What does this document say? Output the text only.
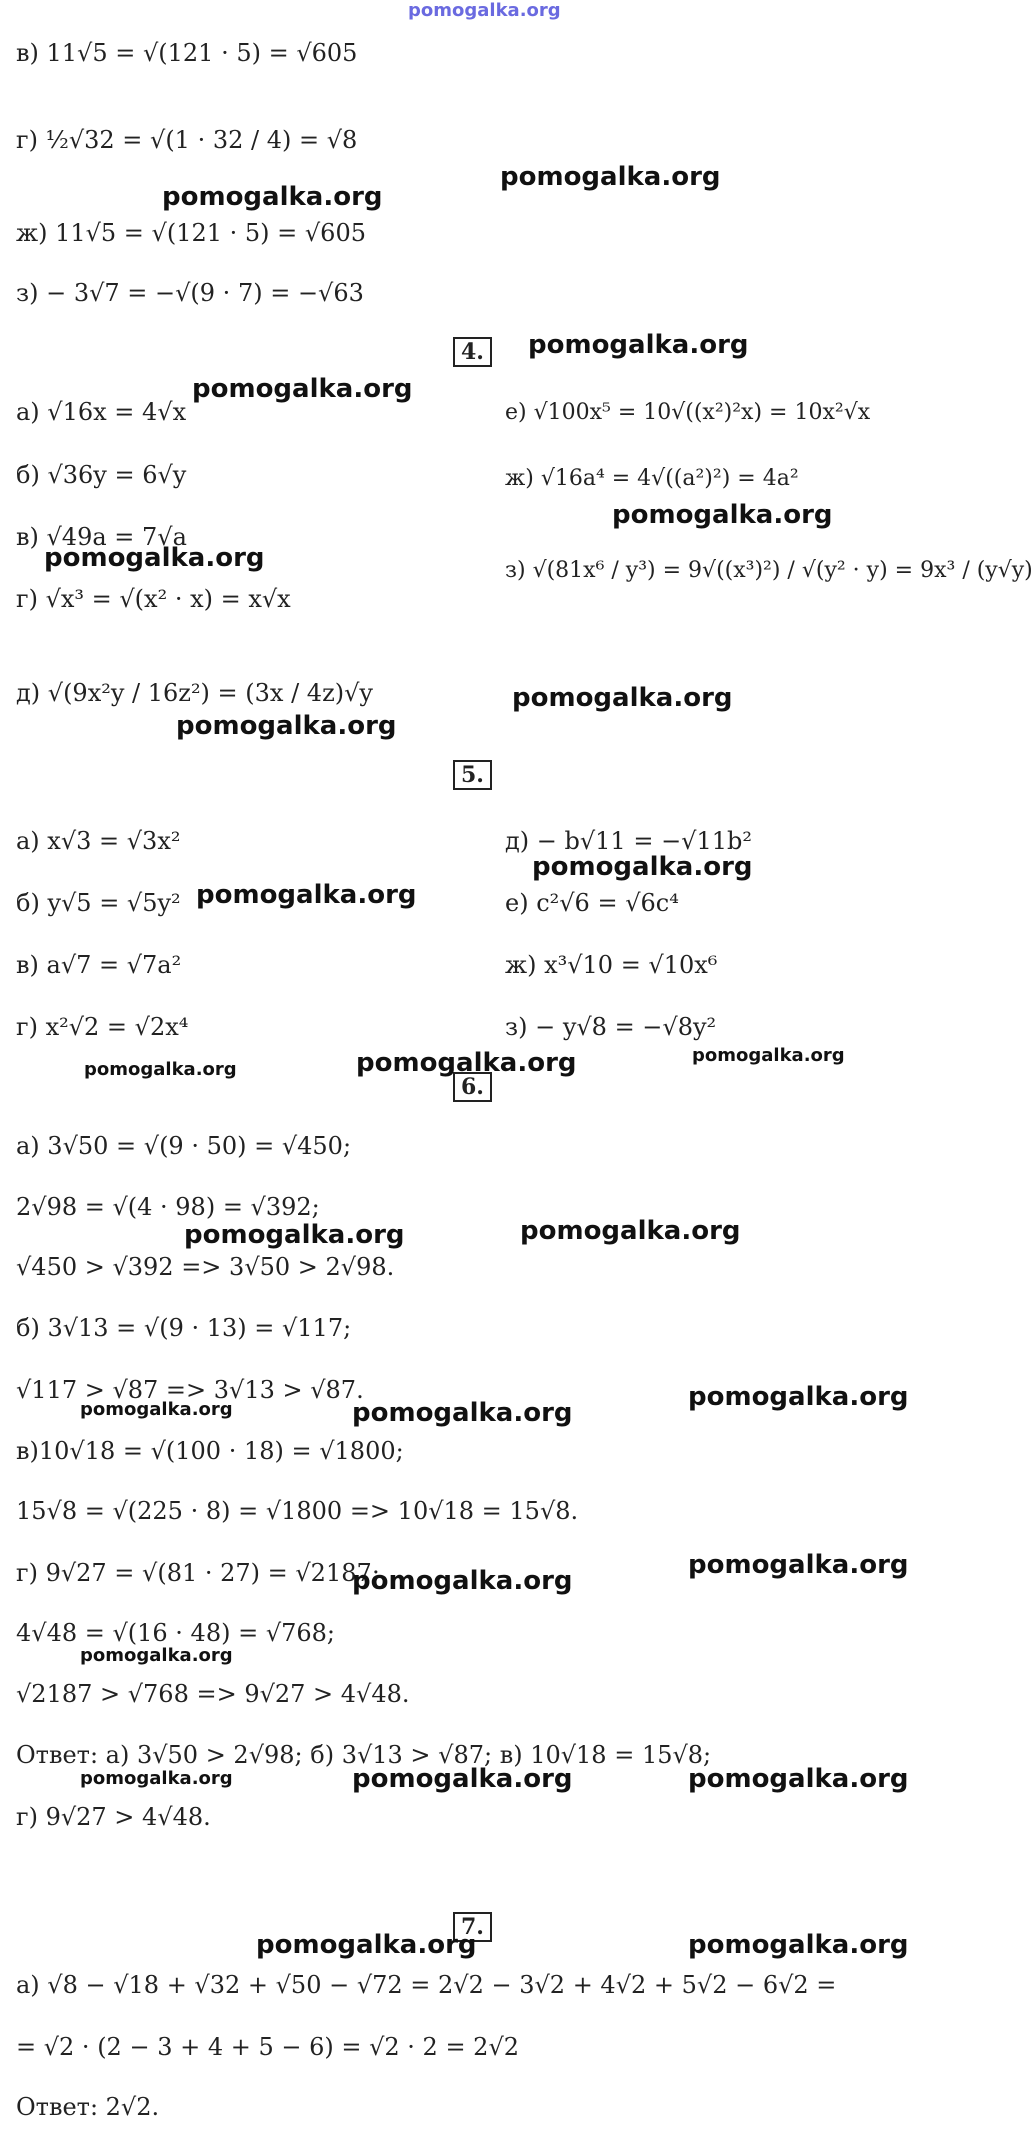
pomogalka.org
в) 11√5 = √(121 · 5) = √605
г) ½√32 = √(1 · 32 / 4) = √8
ж) 11√5 = √(121 · 5) = √605
з) − 3√7 = −√(9 · 7) = −√63
4.
а) √16x = 4√x
б) √36y = 6√y
в) √49a = 7√a
г) √x³ = √(x² · x) = x√x
д) √(9x²y / 16z²) = (3x / 4z)√y
е) √100x⁵ = 10√((x²)²x) = 10x²√x
ж) √16a⁴ = 4√((a²)²) = 4a²
з) √(81x⁶ / y³) = 9√((x³)²) / √(y² · y) = 9x³ / (y√y)
5.
а) x√3 = √3x²
б) y√5 = √5y²
в) a√7 = √7a²
г) x²√2 = √2x⁴
д) − b√11 = −√11b²
е) c²√6 = √6c⁴
ж) x³√10 = √10x⁶
з) − y√8 = −√8y²
6.
а) 3√50 = √(9 · 50) = √450;
2√98 = √(4 · 98) = √392;
√450 > √392 => 3√50 > 2√98.
б) 3√13 = √(9 · 13) = √117;
√117 > √87 => 3√13 > √87.
в)10√18 = √(100 · 18) = √1800;
15√8 = √(225 · 8) = √1800 => 10√18 = 15√8.
г) 9√27 = √(81 · 27) = √2187;
4√48 = √(16 · 48) = √768;
√2187 > √768 => 9√27 > 4√48.
Ответ: а) 3√50 > 2√98; б) 3√13 > √87; в) 10√18 = 15√8;
г) 9√27 > 4√48.
7.
а) √8 − √18 + √32 + √50 − √72 = 2√2 − 3√2 + 4√2 + 5√2 − 6√2 =
= √2 · (2 − 3 + 4 + 5 − 6) = √2 · 2 = 2√2
Ответ: 2√2.
pomogalka.org
pomogalka.org
pomogalka.org
pomogalka.org
pomogalka.org
pomogalka.org
pomogalka.org
pomogalka.org
pomogalka.org
pomogalka.org
pomogalka.org	pomogalka.org	pomogalka.org
pomogalka.org	pomogalka.org
pomogalka.org	pomogalka.org
pomogalka.org
pomogalka.org
pomogalka.org
pomogalka.org
pomogalka.org	pomogalka.org	pomogalka.org
pomogalka.org	pomogalka.org
